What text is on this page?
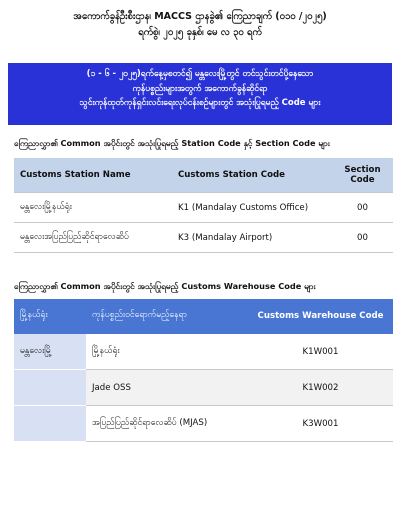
အကောက်ခွန်ဦးစီးဌာန၊ MACCS ဌာနခွဲ၏ ကြေညာချက် (၀၁၀ /၂၀၂၅)
ရက်စွဲ၊ ၂၀၂၅ ခုနှစ်၊ မေ လ ၃၀ ရက်
(၁ - ၆ - ၂၀၂၅)ရက်နေ့မှစတင်၍ မန္တလေးမြို့တွင် တင်သွင်းတင်ပို့နေသော
ကုန်ပစ္စည်းများအတွက် အကောက်ခွန်ဆိုင်ရာ
သွင်းကုန်ထုတ်ကုန်ရှင်းလင်းရေးလုပ်ငန်းစဉ်များတွင် အသုံးပြုရမည့် Code များ
ကြေညာလွှာ၏ Common အပိုင်းတွင် အသုံးပြုရမည့် Station Code နှင့် Section Code များ
Customs Station Name	Customs Station Code	Section Code
မန္တလေးမြို့နယ်ရုံး	K1 (Mandalay Customs Office)	00
မန္တလေးအပြည်ပြည်ဆိုင်ရာလေဆိပ်	K3 (Mandalay Airport)	00
ကြေညာလွှာ၏ Common အပိုင်းတွင် အသုံးပြုရမည့် Customs Warehouse Code များ
မြို့နယ်ရုံး	ကုန်ပစ္စည်းဝင်ရောက်မည့်နေရာ	Customs Warehouse Code
မန္တလေးမြို့	မြို့နယ်ရုံး	K1W001
	Jade OSS	K1W002
	အပြည်ပြည်ဆိုင်ရာလေဆိပ် (MJAS)	K3W001
